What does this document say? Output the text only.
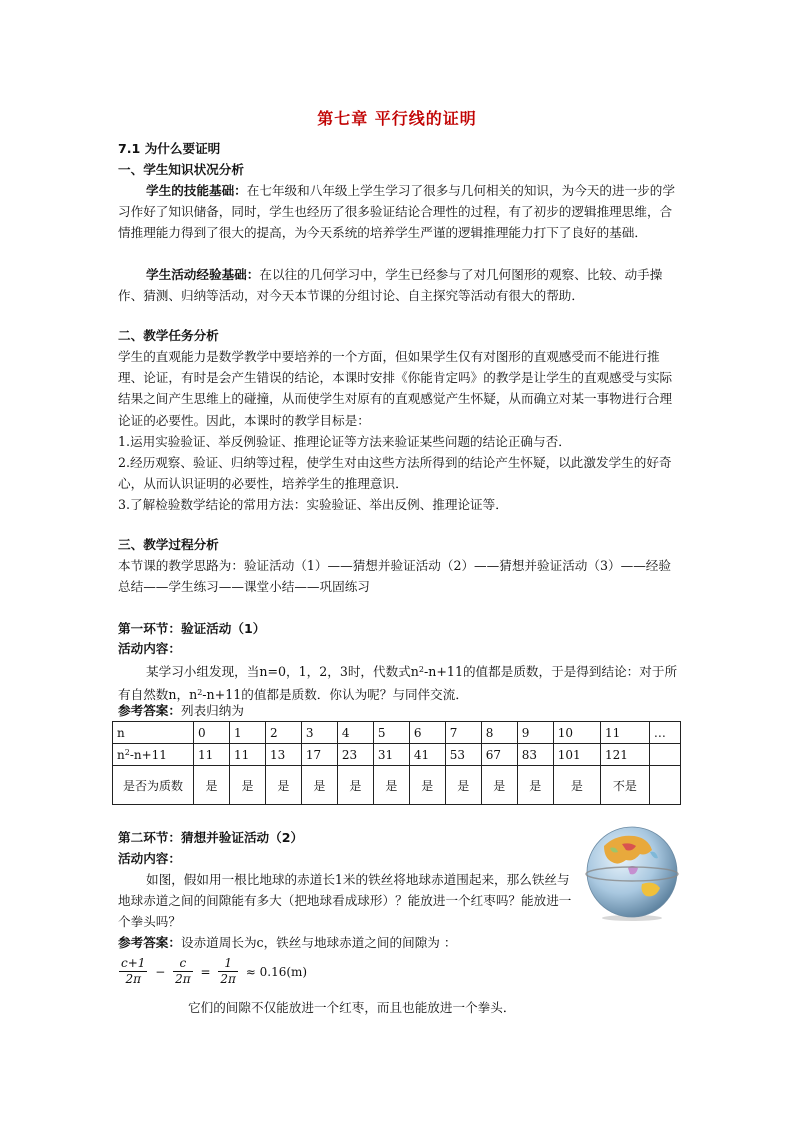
第七章 平行线的证明
7.1 为什么要证明
一、学生知识状况分析

学生的技能基础：在七年级和八年级上学生学习了很多与几何相关的知识，为今天的进一步的学习作好了知识储备，同时，学生也经历了很多验证结论合理性的过程，有了初步的逻辑推理思维，合情推理能力得到了很大的提高，为今天系统的培养学生严谨的逻辑推理能力打下了良好的基础．

学生活动经验基础：在以往的几何学习中，学生已经参与了对几何图形的观察、比较、动手操作、猜测、归纳等活动，对今天本节课的分组讨论、自主探究等活动有很大的帮助．

二、教学任务分析

学生的直观能力是数学教学中要培养的一个方面，但如果学生仅有对图形的直观感受而不能进行推理、论证，有时是会产生错误的结论，本课时安排《你能肯定吗》的教学是让学生的直观感受与实际结果之间产生思维上的碰撞，从而使学生对原有的直观感觉产生怀疑，从而确立对某一事物进行合理论证的必要性。因此，本课时的教学目标是：

1.运用实验验证、举反例验证、推理论证等方法来验证某些问题的结论正确与否．

2.经历观察、验证、归纳等过程，使学生对由这些方法所得到的结论产生怀疑，以此激发学生的好奇心，从而认识证明的必要性，培养学生的推理意识．

3.了解检验数学结论的常用方法：实验验证、举出反例、推理论证等．

三、教学过程分析

本节课的教学思路为：验证活动（1）——猜想并验证活动（2）——猜想并验证活动（3）——经验总结——学生练习——课堂小结——巩固练习

第一环节：验证活动（1）
活动内容：

某学习小组发现，当n=0，1，2，3时，代数式$n^2-n+11$的值都是质数，于是得到结论：对于所有自然数n，$n^2-n+11$的值都是质数．你认为呢？与同伴交流．

参考答案：列表归纳为
n	0	1	2	3	4	5	6	7	8	9	10	11	…
$n^2-n+11$	11	11	13	17	23	31	41	53	67	83	101	121	
是否为质数	是	是	是	是	是	是	是	是	是	是	是	不是	
第二环节：猜想并验证活动（2）
活动内容：

如图，假如用一根比地球的赤道长1米的铁丝将地球赤道围起来，那么铁丝与地球赤道之间的间隙能有多大（把地球看成球形）？能放进一个红枣吗？能放进一个拳头吗？

参考答案：设赤道周长为c，铁丝与地球赤道之间的间隙为 ：
$\frac{c+1}{2\pi} - \frac{c}{2\pi} = \frac{1}{2\pi} \approx 0.16(m)$
它们的间隙不仅能放进一个红枣，而且也能放进一个拳头．
